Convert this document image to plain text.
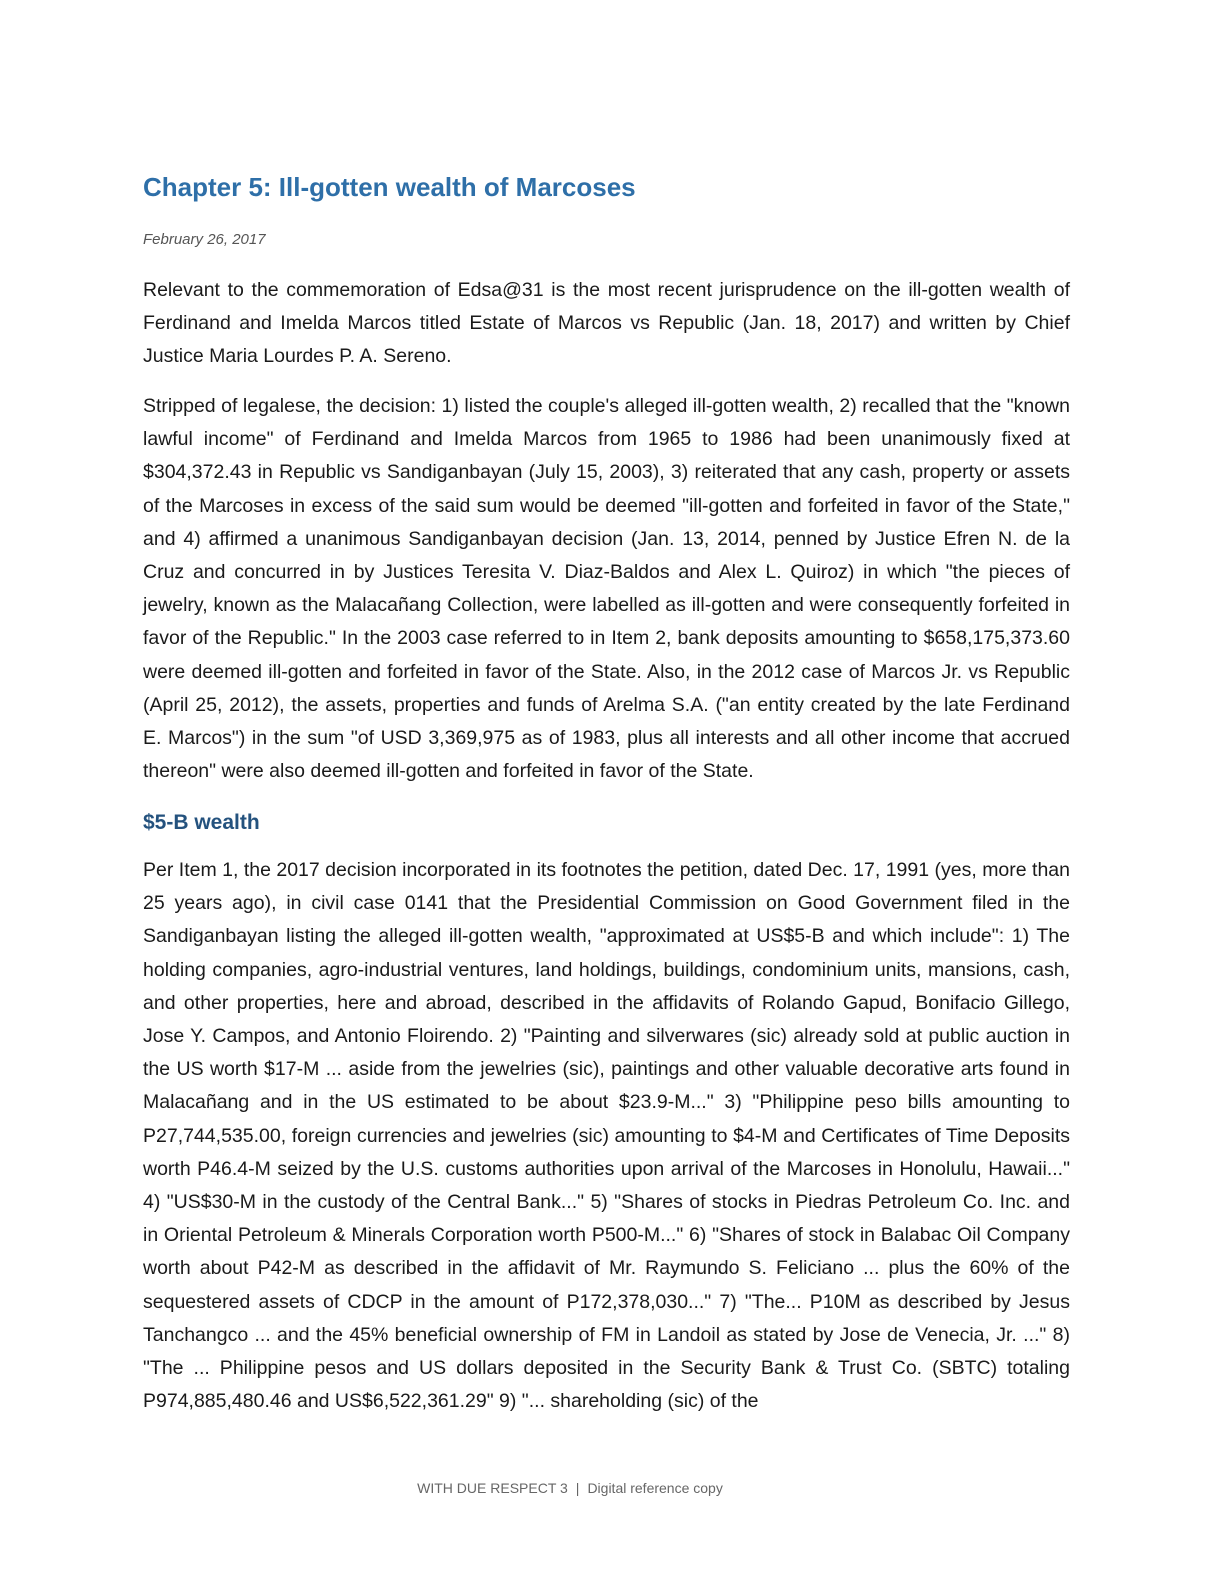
Chapter 5: Ill-gotten wealth of Marcoses

February 26, 2017

Relevant to the commemoration of Edsa@31 is the most recent jurisprudence on the ill-gotten wealth of Ferdinand and Imelda Marcos titled Estate of Marcos vs Republic (Jan. 18, 2017) and written by Chief Justice Maria Lourdes P. A. Sereno.

Stripped of legalese, the decision: 1) listed the couple's alleged ill-gotten wealth, 2) recalled that the "known lawful income" of Ferdinand and Imelda Marcos from 1965 to 1986 had been unanimously fixed at $304,372.43 in Republic vs Sandiganbayan (July 15, 2003), 3) reiterated that any cash, property or assets of the Marcoses in excess of the said sum would be deemed "ill-gotten and forfeited in favor of the State," and 4) affirmed a unanimous Sandiganbayan decision (Jan. 13, 2014, penned by Justice Efren N. de la Cruz and concurred in by Justices Teresita V. Diaz-Baldos and Alex L. Quiroz) in which "the pieces of jewelry, known as the Malacañang Collection, were labelled as ill-gotten and were consequently forfeited in favor of the Republic." In the 2003 case referred to in Item 2, bank deposits amounting to $658,175,373.60 were deemed ill-gotten and forfeited in favor of the State. Also, in the 2012 case of Marcos Jr. vs Republic (April 25, 2012), the assets, properties and funds of Arelma S.A. ("an entity created by the late Ferdinand E. Marcos") in the sum "of USD 3,369,975 as of 1983, plus all interests and all other income that accrued thereon" were also deemed ill-gotten and forfeited in favor of the State.

$5-B wealth

Per Item 1, the 2017 decision incorporated in its footnotes the petition, dated Dec. 17, 1991 (yes, more than 25 years ago), in civil case 0141 that the Presidential Commission on Good Government filed in the Sandiganbayan listing the alleged ill-gotten wealth, "approximated at US$5-B and which include": 1) The holding companies, agro-industrial ventures, land holdings, buildings, condominium units, mansions, cash, and other properties, here and abroad, described in the affidavits of Rolando Gapud, Bonifacio Gillego, Jose Y. Campos, and Antonio Floirendo. 2) "Painting and silverwares (sic) already sold at public auction in the US worth $17-M ... aside from the jewelries (sic), paintings and other valuable decorative arts found in Malacañang and in the US estimated to be about $23.9-M..." 3) "Philippine peso bills amounting to P27,744,535.00, foreign currencies and jewelries (sic) amounting to $4-M and Certificates of Time Deposits worth P46.4-M seized by the U.S. customs authorities upon arrival of the Marcoses in Honolulu, Hawaii..." 4) "US$30-M in the custody of the Central Bank..." 5) "Shares of stocks in Piedras Petroleum Co. Inc. and in Oriental Petroleum & Minerals Corporation worth P500-M..." 6) "Shares of stock in Balabac Oil Company worth about P42-M as described in the affidavit of Mr. Raymundo S. Feliciano ... plus the 60% of the sequestered assets of CDCP in the amount of P172,378,030..." 7) "The... P10M as described by Jesus Tanchangco ... and the 45% beneficial ownership of FM in Landoil as stated by Jose de Venecia, Jr. ..." 8) "The ... Philippine pesos and US dollars deposited in the Security Bank & Trust Co. (SBTC) totaling P974,885,480.46 and US$6,522,361.29" 9) "... shareholding (sic) of the

WITH DUE RESPECT 3 | Digital reference copy
